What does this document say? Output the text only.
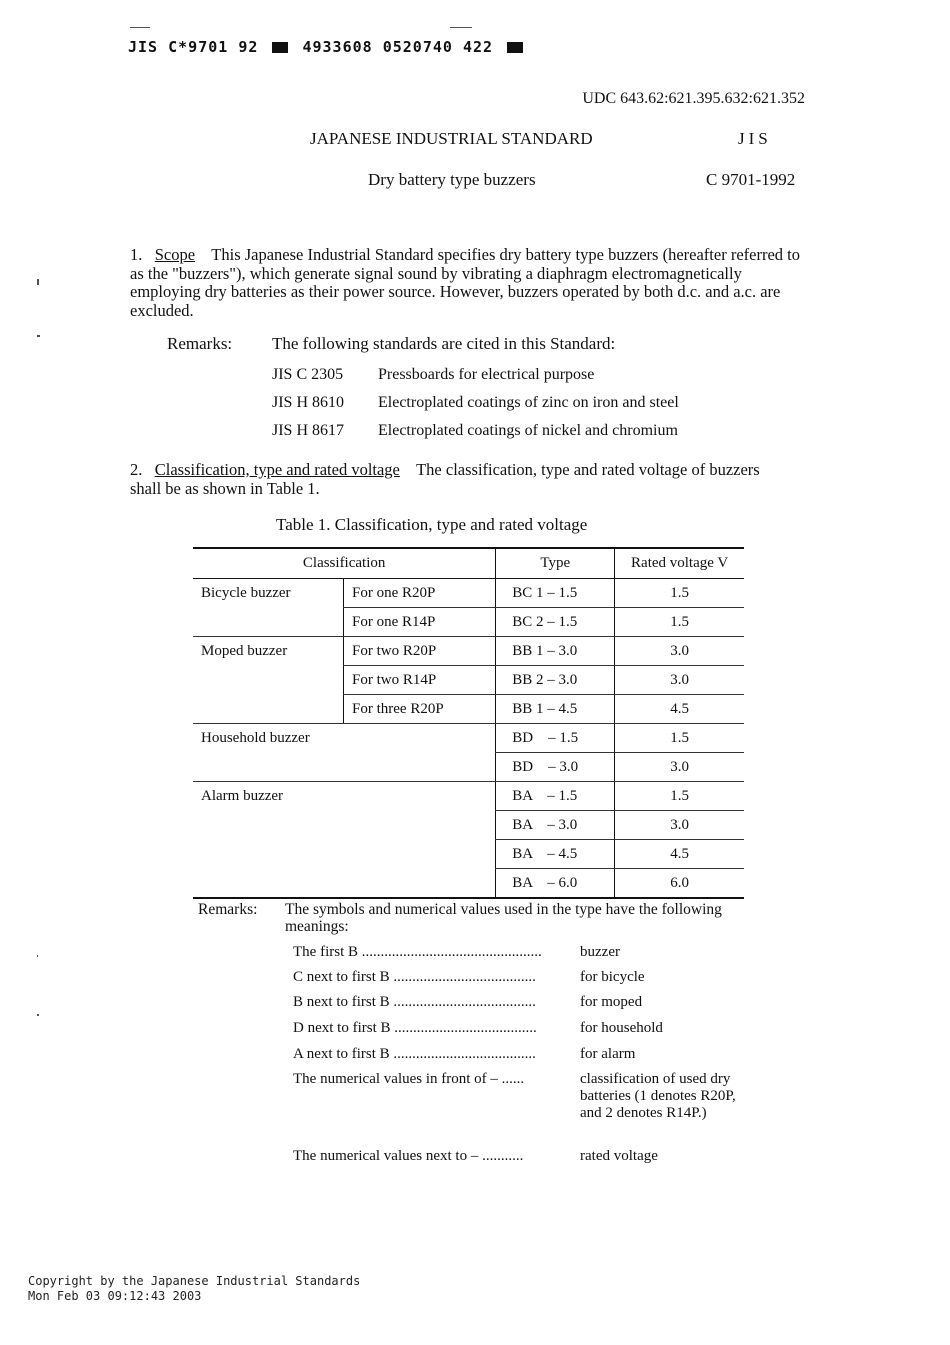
JIS C*9701 92	4933608 0520740 422
UDC 643.62:621.395.632:621.352
JAPANESE INDUSTRIAL STANDARD	JIS
Dry battery type buzzers	C 9701-1992
1. Scope This Japanese Industrial Standard specifies dry battery type buzzers (hereafter referred to as the "buzzers"), which generate signal sound by vibrating a diaphragm electromagnetically employing dry batteries as their power source. However, buzzers operated by both d.c. and a.c. are excluded.
Remarks: The following standards are cited in this Standard:
JIS C 2305 Pressboards for electrical purpose
JIS H 8610 Electroplated coatings of zinc on iron and steel
JIS H 8617 Electroplated coatings of nickel and chromium
2. Classification, type and rated voltage The classification, type and rated voltage of buzzers shall be as shown in Table 1.
Table 1. Classification, type and rated voltage
Classification		Type	Rated voltage V
Bicycle buzzer	For one R20P	BC 1 – 1.5	1.5
	For one R14P	BC 2 – 1.5	1.5
Moped buzzer	For two R20P	BB 1 – 3.0	3.0
	For two R14P	BB 2 – 3.0	3.0
	For three R20P	BB 1 – 4.5	4.5
Household buzzer		BD    – 1.5	1.5
		BD    – 3.0	3.0
Alarm buzzer		BA    – 1.5	1.5
		BA    – 3.0	3.0
		BA    – 4.5	4.5
		BA    – 6.0	6.0
Remarks: The symbols and numerical values used in the type have the following meanings:
The first B ................................................	buzzer
C next to first B ......................................	for bicycle
B next to first B ......................................	for moped
D next to first B ......................................	for household
A next to first B ......................................	for alarm
The numerical values in front of – ......	classification of used dry batteries (1 denotes R20P, and 2 denotes R14P.)
The numerical values next to – ...........	rated voltage
Copyright by the Japanese Industrial Standards
Mon Feb 03 09:12:43 2003
